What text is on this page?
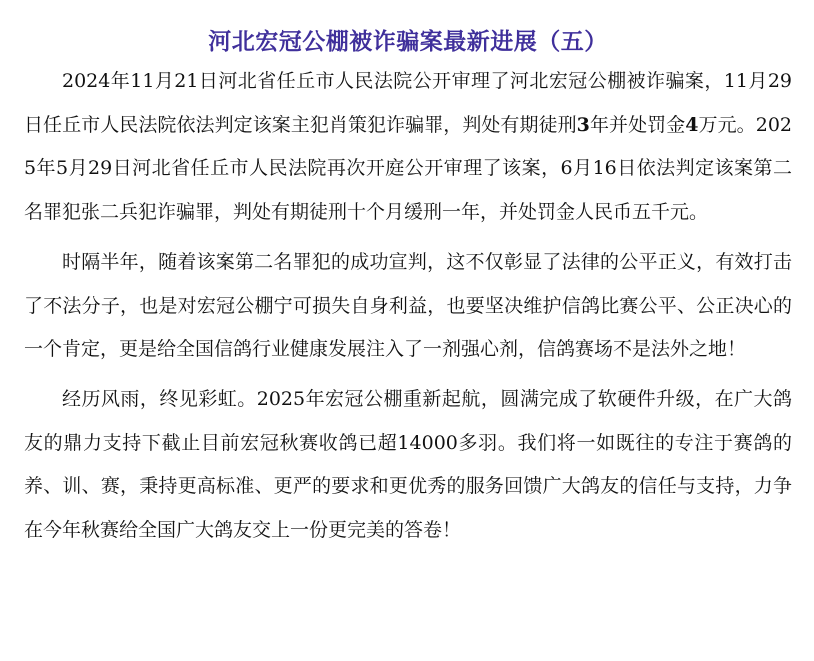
河北宏冠公棚被诈骗案最新进展（五）

2024年11月21日河北省任丘市人民法院公开审理了河北宏冠公棚被诈骗案，11月29日任丘市人民法院依法判定该案主犯肖策犯诈骗罪，判处有期徒刑3年并处罚金4万元。2025年5月29日河北省任丘市人民法院再次开庭公开审理了该案，6月16日依法判定该案第二名罪犯张二兵犯诈骗罪，判处有期徒刑十个月缓刑一年，并处罚金人民币五千元。

时隔半年，随着该案第二名罪犯的成功宣判，这不仅彰显了法律的公平正义，有效打击了不法分子，也是对宏冠公棚宁可损失自身利益，也要坚决维护信鸽比赛公平、公正决心的一个肯定，更是给全国信鸽行业健康发展注入了一剂强心剂，信鸽赛场不是法外之地！

经历风雨，终见彩虹。2025年宏冠公棚重新起航，圆满完成了软硬件升级，在广大鸽友的鼎力支持下截止目前宏冠秋赛收鸽已超14000多羽。我们将一如既往的专注于赛鸽的养、训、赛，秉持更高标准、更严的要求和更优秀的服务回馈广大鸽友的信任与支持，力争在今年秋赛给全国广大鸽友交上一份更完美的答卷！
